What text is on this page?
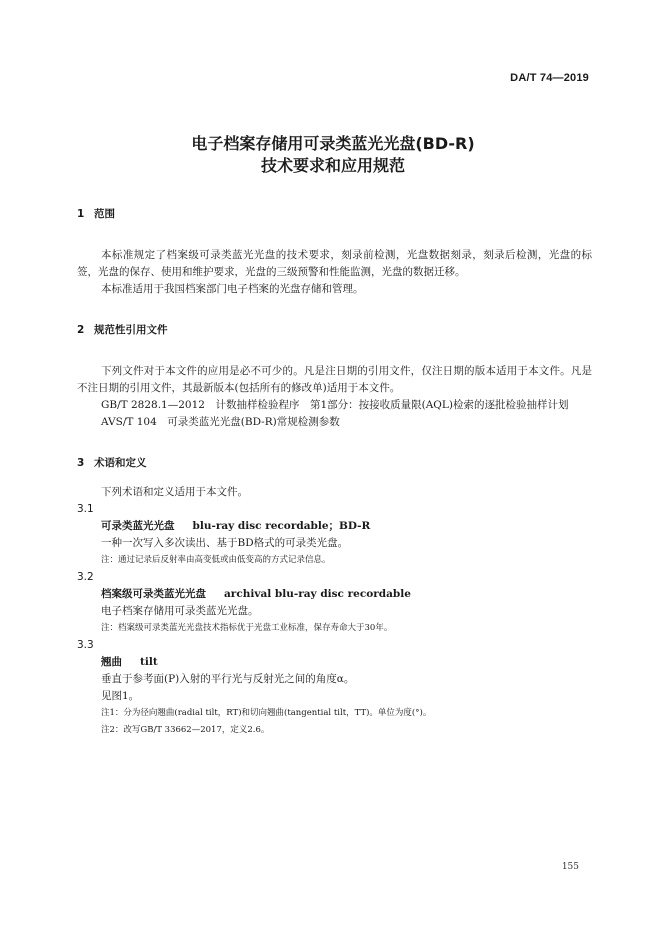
DA/T 74—2019
电子档案存储用可录类蓝光光盘(BD-R)
技术要求和应用规范
1 范围

本标准规定了档案级可录类蓝光光盘的技术要求，刻录前检测，光盘数据刻录，刻录后检测，光盘的标签，光盘的保存、使用和维护要求，光盘的三级预警和性能监测，光盘的数据迁移。

本标准适用于我国档案部门电子档案的光盘存储和管理。

2 规范性引用文件

下列文件对于本文件的应用是必不可少的。凡是注日期的引用文件，仅注日期的版本适用于本文件。凡是不注日期的引用文件，其最新版本(包括所有的修改单)适用于本文件。

GB/T 2828.1—2012　计数抽样检验程序　第1部分：按接收质量限(AQL)检索的逐批检验抽样计划

AVS/T 104　可录类蓝光光盘(BD-R)常规检测参数

3 术语和定义

下列术语和定义适用于本文件。

3.1
可录类蓝光光盘 blu-ray disc recordable；BD-R
一种一次写入多次读出、基于BD格式的可录类光盘。
注：通过记录后反射率由高变低或由低变高的方式记录信息。
3.2
档案级可录类蓝光光盘 archival blu-ray disc recordable
电子档案存储用可录类蓝光光盘。
注：档案级可录类蓝光光盘技术指标优于光盘工业标准，保存寿命大于30年。
3.3
翘曲 tilt
垂直于参考面(P)入射的平行光与反射光之间的角度α。
见图1。
注1：分为径向翘曲(radial tilt，RT)和切向翘曲(tangential tilt，TT)。单位为度(°)。
注2：改写GB/T 33662—2017，定义2.6。
155
